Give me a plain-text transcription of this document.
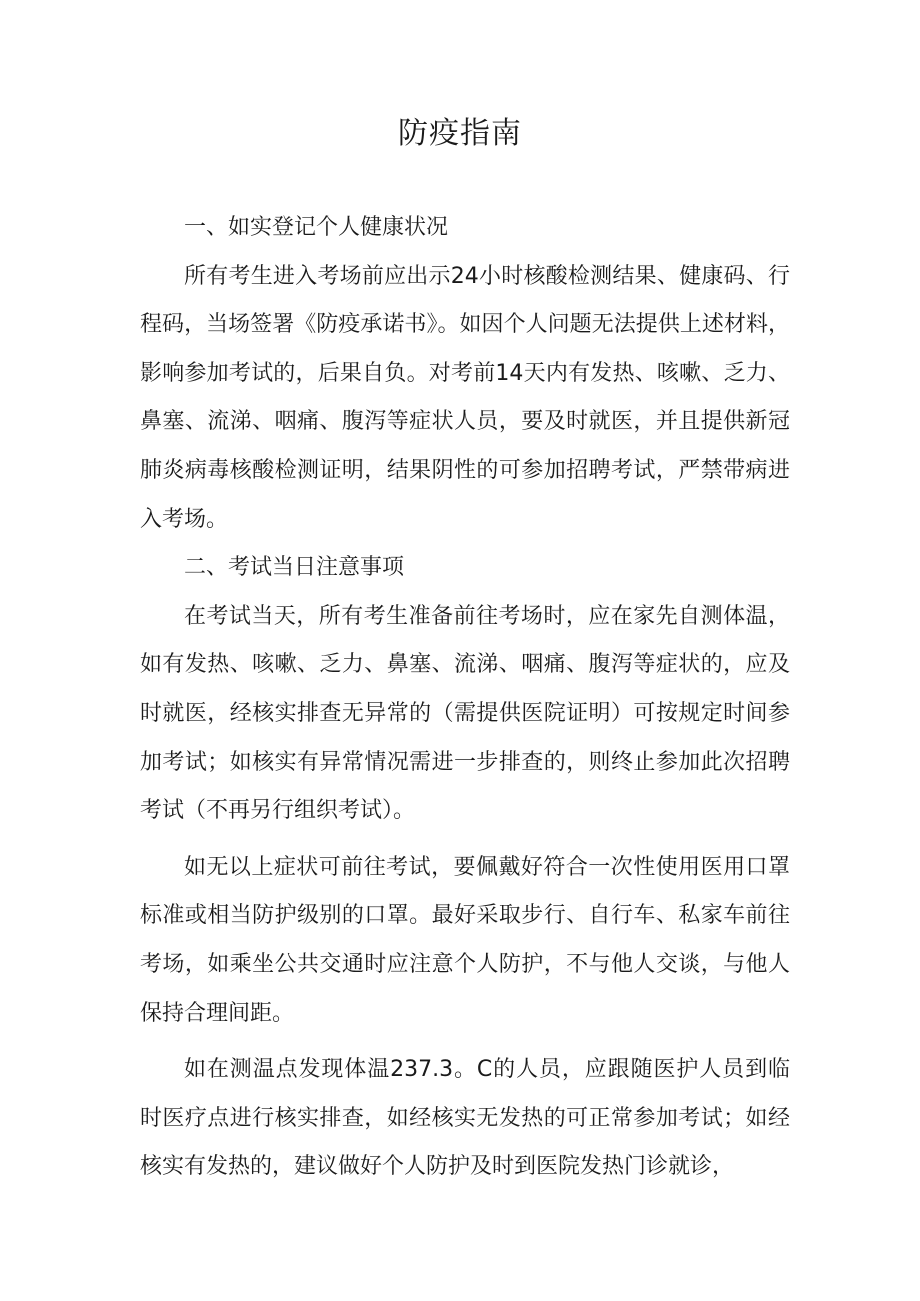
防疫指南

一、如实登记个人健康状况

所有考生进入考场前应出示24小时核酸检测结果、健康码、行程码，当场签署《防疫承诺书》。如因个人问题无法提供上述材料，影响参加考试的，后果自负。对考前14天内有发热、咳嗽、乏力、鼻塞、流涕、咽痛、腹泻等症状人员，要及时就医，并且提供新冠肺炎病毒核酸检测证明，结果阴性的可参加招聘考试，严禁带病进入考场。

二、考试当日注意事项

在考试当天，所有考生准备前往考场时，应在家先自测体温，如有发热、咳嗽、乏力、鼻塞、流涕、咽痛、腹泻等症状的，应及时就医，经核实排查无异常的（需提供医院证明）可按规定时间参加考试；如核实有异常情况需进一步排查的，则终止参加此次招聘考试（不再另行组织考试）。

如无以上症状可前往考试，要佩戴好符合一次性使用医用口罩标准或相当防护级别的口罩。最好采取步行、自行车、私家车前往考场，如乘坐公共交通时应注意个人防护，不与他人交谈，与他人保持合理间距。

如在测温点发现体温237.3。C的人员，应跟随医护人员到临时医疗点进行核实排查，如经核实无发热的可正常参加考试；如经核实有发热的，建议做好个人防护及时到医院发热门诊就诊，
